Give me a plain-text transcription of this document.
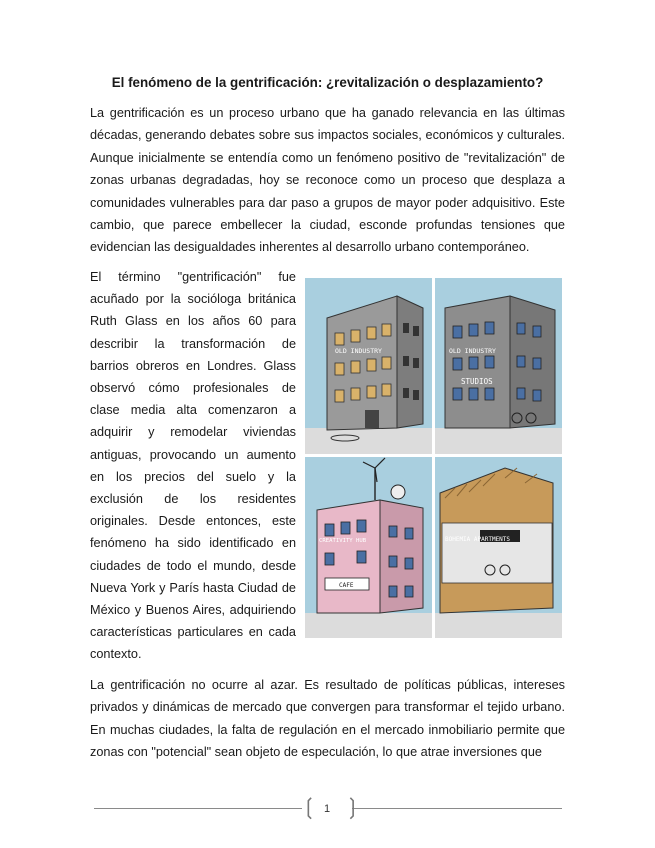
El fenómeno de la gentrificación: ¿revitalización o desplazamiento?

La gentrificación es un proceso urbano que ha ganado relevancia en las últimas décadas, generando debates sobre sus impactos sociales, económicos y culturales. Aunque inicialmente se entendía como un fenómeno positivo de "revitalización" de zonas urbanas degradadas, hoy se reconoce como un proceso que desplaza a comunidades vulnerables para dar paso a grupos de mayor poder adquisitivo. Este cambio, que parece embellecer la ciudad, esconde profundas tensiones que evidencian las desigualdades inherentes al desarrollo urbano contemporáneo.

El término "gentrificación" fue acuñado por la socióloga británica Ruth Glass en los años 60 para describir la transformación de barrios obreros en Londres. Glass observó cómo profesionales de clase media alta comenzaron a adquirir y remodelar viviendas antiguas, provocando un aumento en los precios del suelo y la exclusión de los residentes originales. Desde entonces, este fenómeno ha sido identificado en ciudades de todo el mundo, desde Nueva York y París hasta Ciudad de México y Buenos Aires, adquiriendo características particulares en cada contexto.

OLD INDUSTRY	OLD INDUSTRY
STUDIOS
CREATIVITY HUB
CAFE
BOHEMIA APARTMENTS

La gentrificación no ocurre al azar. Es resultado de políticas públicas, intereses privados y dinámicas de mercado que convergen para transformar el tejido urbano. En muchas ciudades, la falta de regulación en el mercado inmobiliario permite que zonas con "potencial" sean objeto de especulación, lo que atrae inversiones que

❲ ❳
1
